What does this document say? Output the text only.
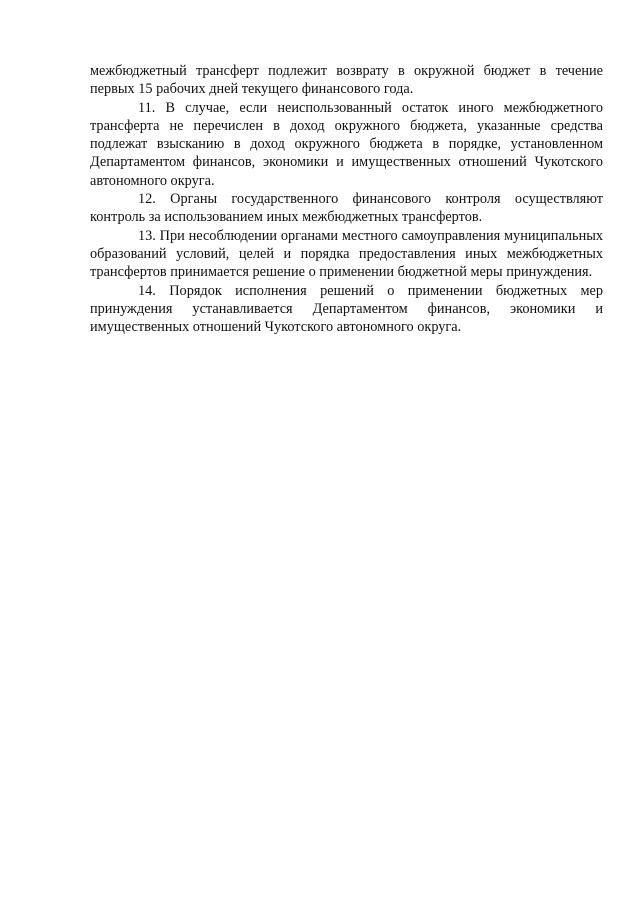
межбюджетный трансферт подлежит возврату в окружной бюджет в течение первых 15 рабочих дней текущего финансового года.

11. В случае, если неиспользованный остаток иного межбюджетного трансферта не перечислен в доход окружного бюджета, указанные средства подлежат взысканию в доход окружного бюджета в порядке, установленном Департаментом финансов, экономики и имущественных отношений Чукотского автономного округа.

12. Органы государственного финансового контроля осуществляют контроль за использованием иных межбюджетных трансфертов.

13. При несоблюдении органами местного самоуправления муниципальных образований условий, целей и порядка предоставления иных межбюджетных трансфертов принимается решение о применении бюджетной меры принуждения.

14. Порядок исполнения решений о применении бюджетных мер принуждения устанавливается Департаментом финансов, экономики и имущественных отношений Чукотского автономного округа.
